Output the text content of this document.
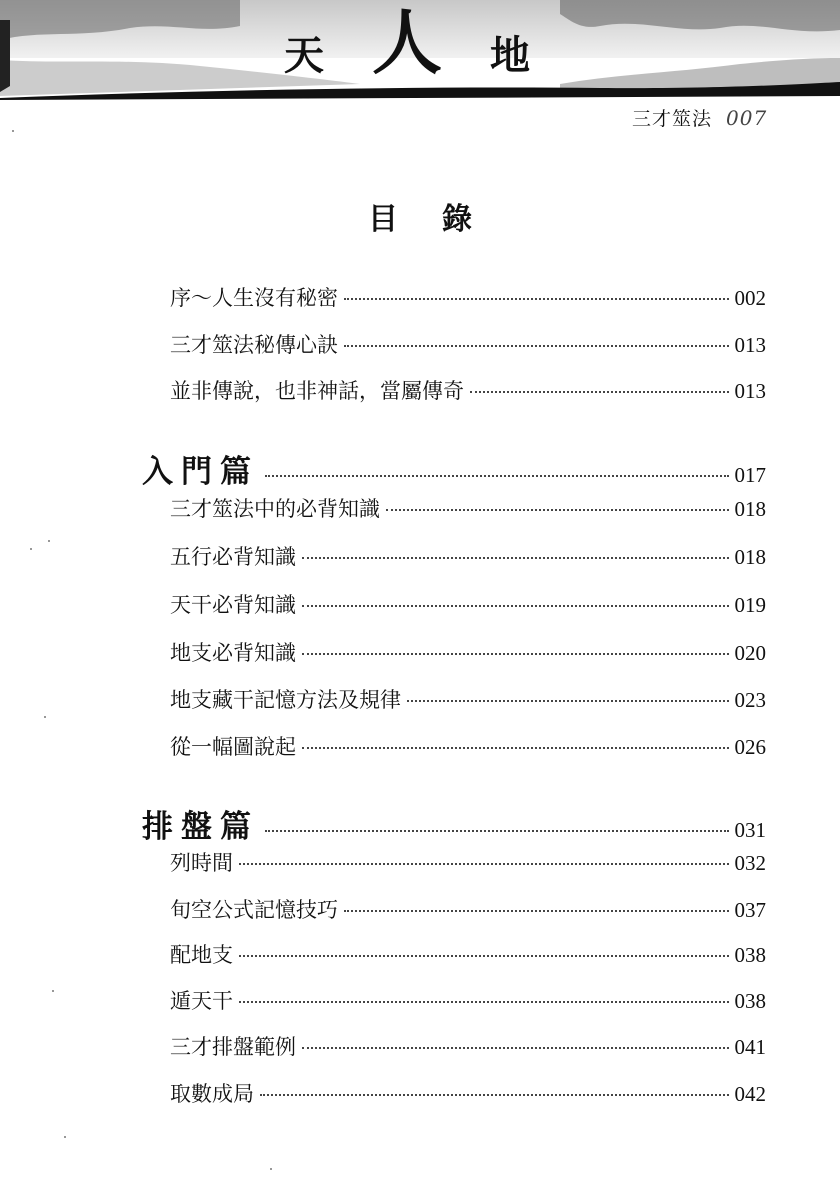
天 人 地
三才筮法 007
目 錄
序～人生沒有秘密	002
三才筮法秘傳心訣	013
並非傳說，也非神話，當屬傳奇	013
入門篇	017
三才筮法中的必背知識	018
五行必背知識	018
天干必背知識	019
地支必背知識	020
地支藏干記憶方法及規律	023
從一幅圖說起	026
排盤篇	031
列時間	032
旬空公式記憶技巧	037
配地支	038
遁天干	038
三才排盤範例	041
取數成局	042
